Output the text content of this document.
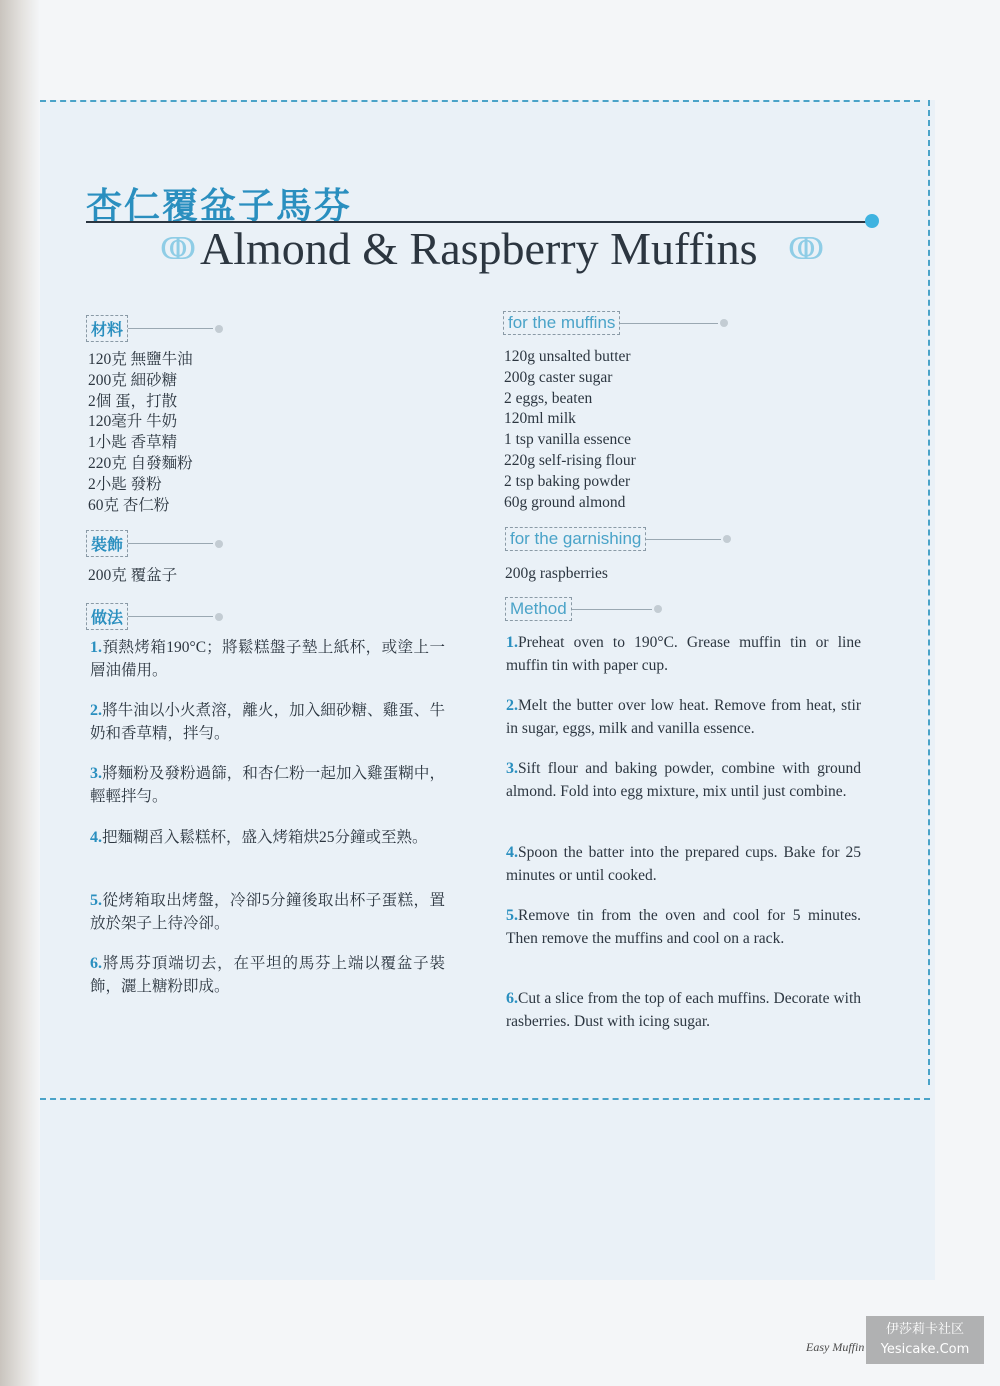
杏仁覆盆子馬芬
ↂ Almond & Raspberry Muffins ↂ
材料
120克 無鹽牛油
200克 細砂糖
2個 蛋，打散
120毫升 牛奶
1小匙 香草精
220克 自發麵粉
2小匙 發粉
60克 杏仁粉
裝飾
200克 覆盆子
做法
1.預熱烤箱190°C；將鬆糕盤子墊上紙杯，或塗上一層油備用。
2.將牛油以小火煮溶，離火，加入細砂糖、雞蛋、牛奶和香草精，拌勻。
3.將麵粉及發粉過篩，和杏仁粉一起加入雞蛋糊中，輕輕拌勻。
4.把麵糊舀入鬆糕杯，盛入烤箱烘25分鐘或至熟。
5.從烤箱取出烤盤，冷卻5分鐘後取出杯子蛋糕，置放於架子上待冷卻。
6.將馬芬頂端切去，在平坦的馬芬上端以覆盆子裝飾，灑上糖粉即成。
for the muffins
120g unsalted butter
200g caster sugar
2 eggs, beaten
120ml milk
1 tsp vanilla essence
220g self-rising flour
2 tsp baking powder
60g ground almond
for the garnishing
200g raspberries
Method
1.Preheat oven to 190°C. Grease muffin tin or line muffin tin with paper cup.
2.Melt the butter over low heat. Remove from heat, stir in sugar, eggs, milk and vanilla essence.
3.Sift flour and baking powder, combine with ground almond. Fold into egg mixture, mix until just combine.
4.Spoon the batter into the prepared cups. Bake for 25 minutes or until cooked.
5.Remove tin from the oven and cool for 5 minutes. Then remove the muffins and cool on a rack.
6.Cut a slice from the top of each muffins. Decorate with rasberries. Dust with icing sugar.
Easy Muffin
伊莎莉卡社区
Yesicake.Com
